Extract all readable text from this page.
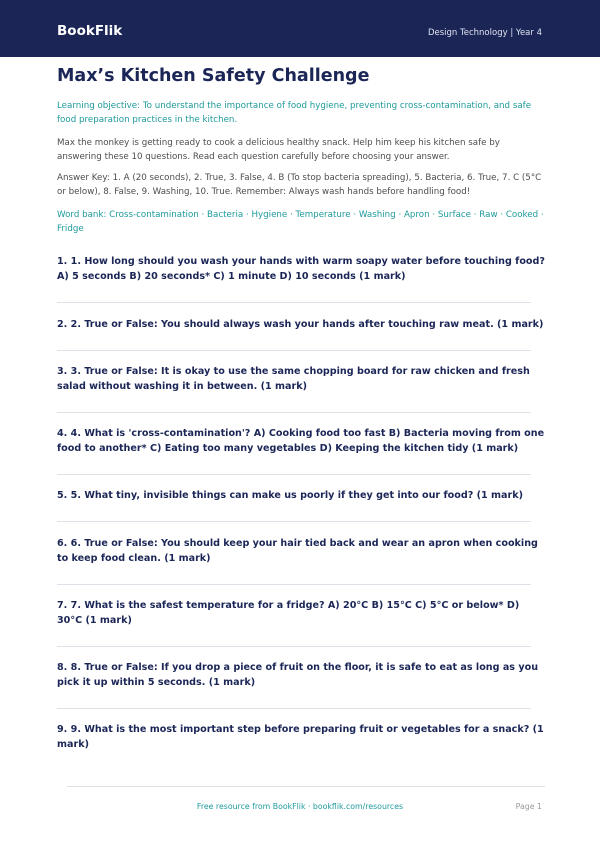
BookFlik	Design Technology | Year 4
Max’s Kitchen Safety Challenge
Learning objective: To understand the importance of food hygiene, preventing cross-contamination, and safe food preparation practices in the kitchen.
Max the monkey is getting ready to cook a delicious healthy snack. Help him keep his kitchen safe by answering these 10 questions. Read each question carefully before choosing your answer.
Answer Key: 1. A (20 seconds), 2. True, 3. False, 4. B (To stop bacteria spreading), 5. Bacteria, 6. True, 7. C (5°C or below), 8. False, 9. Washing, 10. True. Remember: Always wash hands before handling food!
Word bank: Cross-contamination · Bacteria · Hygiene · Temperature · Washing · Apron · Surface · Raw · Cooked · Fridge
1. 1. How long should you wash your hands with warm soapy water before touching food? A) 5 seconds B) 20 seconds* C) 1 minute D) 10 seconds (1 mark)
2. 2. True or False: You should always wash your hands after touching raw meat. (1 mark)
3. 3. True or False: It is okay to use the same chopping board for raw chicken and fresh salad without washing it in between. (1 mark)
4. 4. What is 'cross-contamination'? A) Cooking food too fast B) Bacteria moving from one food to another* C) Eating too many vegetables D) Keeping the kitchen tidy (1 mark)
5. 5. What tiny, invisible things can make us poorly if they get into our food? (1 mark)
6. 6. True or False: You should keep your hair tied back and wear an apron when cooking to keep food clean. (1 mark)
7. 7. What is the safest temperature for a fridge? A) 20°C B) 15°C C) 5°C or below* D) 30°C (1 mark)
8. 8. True or False: If you drop a piece of fruit on the floor, it is safe to eat as long as you pick it up within 5 seconds. (1 mark)
9. 9. What is the most important step before preparing fruit or vegetables for a snack? (1 mark)
Free resource from BookFlik · bookflik.com/resources	Page 1
